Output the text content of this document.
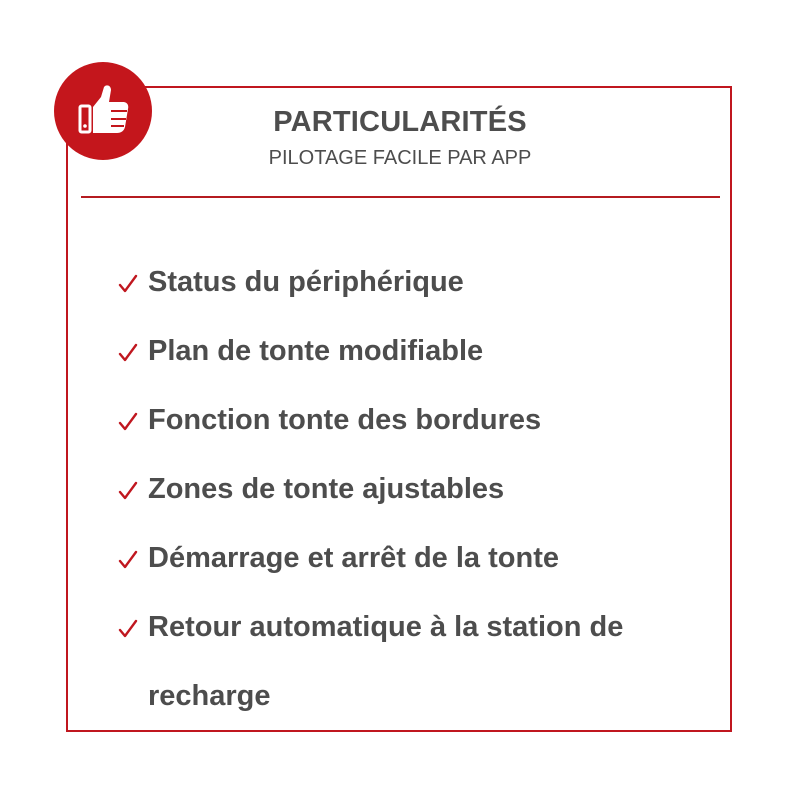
PARTICULARITÉS
PILOTAGE FACILE PAR APP
Status du périphérique
Plan de tonte modifiable
Fonction tonte des bordures
Zones de tonte ajustables
Démarrage et arrêt de la tonte
Retour automatique à la station de recharge
